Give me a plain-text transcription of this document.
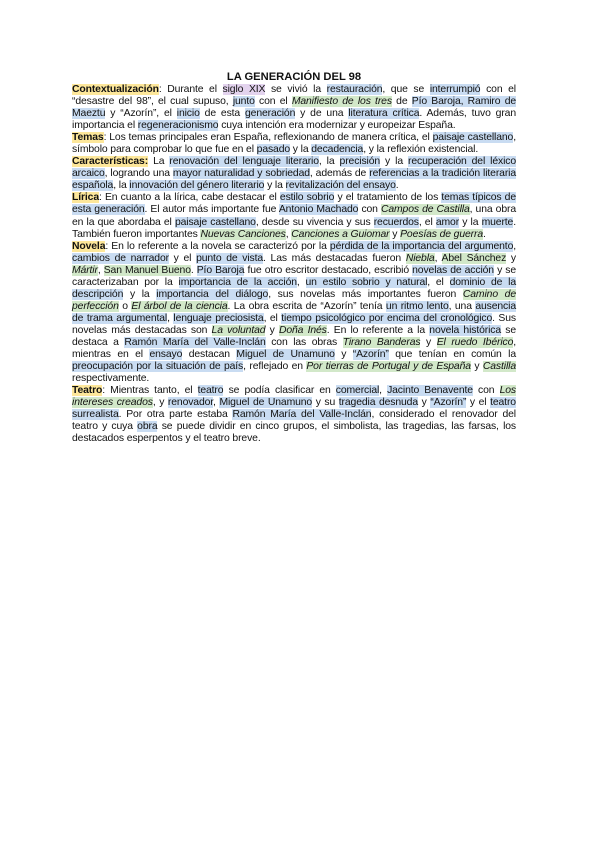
LA GENERACIÓN DEL 98

Contextualización: Durante el siglo XIX se vivió la restauración, que se interrumpió con el “desastre del 98”, el cual supuso, junto con el Manifiesto de los tres de Pío Baroja, Ramiro de Maeztu y “Azorín”, el inicio de esta generación y de una literatura crítica. Además, tuvo gran importancia el regeneracionismo cuya intención era modernizar y europeizar España.

Temas: Los temas principales eran España, reflexionando de manera crítica, el paisaje castellano, símbolo para comprobar lo que fue en el pasado y la decadencia, y la reflexión existencial.

Características: La renovación del lenguaje literario, la precisión y la recuperación del léxico arcaico, logrando una mayor naturalidad y sobriedad, además de referencias a la tradición literaria española, la innovación del género literario y la revitalización del ensayo.

Lírica: En cuanto a la lírica, cabe destacar el estilo sobrio y el tratamiento de los temas típicos de esta generación. El autor más importante fue Antonio Machado con Campos de Castilla, una obra en la que abordaba el paisaje castellano, desde su vivencia y sus recuerdos, el amor y la muerte. También fueron importantes Nuevas Canciones, Canciones a Guiomar y Poesías de guerra.

Novela: En lo referente a la novela se caracterizó por la pérdida de la importancia del argumento, cambios de narrador y el punto de vista. Las más destacadas fueron Niebla, Abel Sánchez y Mártir, San Manuel Bueno. Pío Baroja fue otro escritor destacado, escribió novelas de acción y se caracterizaban por la importancia de la acción, un estilo sobrio y natural, el dominio de la descripción y la importancia del diálogo, sus novelas más importantes fueron Camino de perfección o El árbol de la ciencia. La obra escrita de “Azorín” tenía un ritmo lento, una ausencia de trama argumental, lenguaje preciosista, el tiempo psicológico por encima del cronológico. Sus novelas más destacadas son La voluntad y Doña Inés. En lo referente a la novela histórica se destaca a Ramón María del Valle-Inclán con las obras Tirano Banderas y El ruedo Ibérico, mientras en el ensayo destacan Miguel de Unamuno y “Azorín” que tenían en común la preocupación por la situación de país, reflejado en Por tierras de Portugal y de España y Castilla respectivamente.

Teatro: Mientras tanto, el teatro se podía clasificar en comercial, Jacinto Benavente con Los intereses creados, y renovador, Miguel de Unamuno y su tragedia desnuda y “Azorín” y el teatro surrealista. Por otra parte estaba Ramón María del Valle-Inclán, considerado el renovador del teatro y cuya obra se puede dividir en cinco grupos, el simbolista, las tragedias, las farsas, los destacados esperpentos y el teatro breve.
